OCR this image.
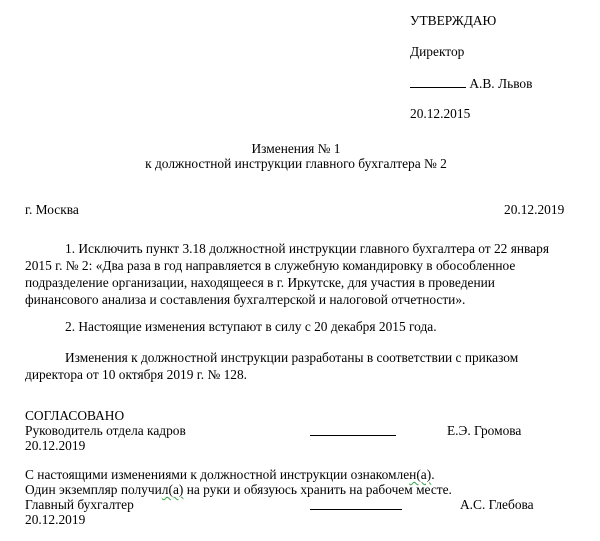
УТВЕРЖДАЮ
Директор
А.В. Львов
20.12.2015
Изменения № 1
к должностной инструкции главного бухгалтера № 2
г. Москва	20.12.2019
1. Исключить пункт 3.18 должностной инструкции главного бухгалтера от 22 января 2015 г. № 2: «Два раза в год направляется в служебную командировку в обособленное подразделение организации, находящееся в г. Иркутске, для участия в проведении финансового анализа и составления бухгалтерской и налоговой отчетности».
2. Настоящие изменения вступают в силу с 20 декабря 2015 года.
Изменения к должностной инструкции разработаны в соответствии с приказом директора от 10 октября 2019 г. № 128.
СОГЛАСОВАНО
Руководитель отдела кадров	Е.Э. Громова
20.12.2019
С настоящими изменениями к должностной инструкции ознакомлен(а).
Один экземпляр получил(а) на руки и обязуюсь хранить на рабочем месте.
Главный бухгалтер	А.С. Глебова
20.12.2019
